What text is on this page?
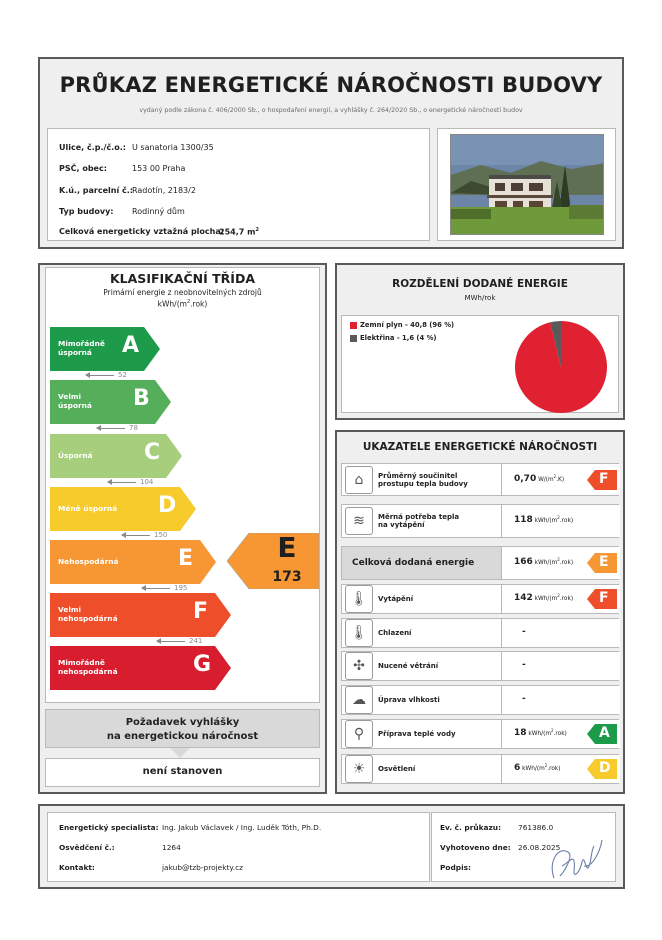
PRŮKAZ ENERGETICKÉ NÁROČNOSTI BUDOVY
vydaný podle zákona č. 406/2000 Sb., o hospodaření energií, a vyhlášky č. 264/2020 Sb., o energetické náročnosti budov
Ulice, č.p./č.o.: U sanatoria 1300/35
PSČ, obec:	153 00 Praha
K.ú., parcelní č.: Radotín, 2183/2
Typ budovy: Rodinný dům
Celková energeticky vztažná plocha:
254,7 $m^2$
KLASIFIKAČNÍ TŘÍDA
Primární energie z neobnovitelných zdrojů
kWh/$(m^2.rok)$
Mimořádně
úsporná	A
52
Velmi
úsporná B
78
Úsporná C
104
Méně úsporná D
150
Nehospodárná	E
195
Velmi
nehospodárná	F
241
Mimořádně
nehospodárná	G
E
173
Požadavek vyhlášky
na energetickou náročnost
není stanoven
ROZDĚLENÍ DODANÉ ENERGIE
MWh/rok
Zemní plyn - 40,8 (96 %)
Elektřina - 1,6 (4 %)
UKAZATELE ENERGETICKÉ NÁROČNOSTI
⌂	Průměrný součinitel
prostupu tepla budovy
0,70 $W/(m^2.K)$ F
≋	Měrná potřeba tepla
na vytápění
118 kWh/$(m^2.rok)$
Celková dodaná energie	166 kWh/$(m^2.rok)$ E
🌡	Vytápění	142 kWh/$(m^2.rok)$ F
🌡	Chlazení	-
✣	Nucené větrání	-
☁	Úprava vlhkosti	-
⚲	Příprava teplé vody	18 kWh/$(m^2.rok)$ A
☀	Osvětlení	6 kWh/$(m^2.rok)$	D
Energetický specialista: Ing. Jakub Václavek / Ing. Luděk Tóth, Ph.D.
Osvědčení č.:	1264
Kontakt:	jakub@tzb-projekty.cz
Ev. č. průkazu: 761386.0
Vyhotoveno dne: 26.08.2025
Podpis:
